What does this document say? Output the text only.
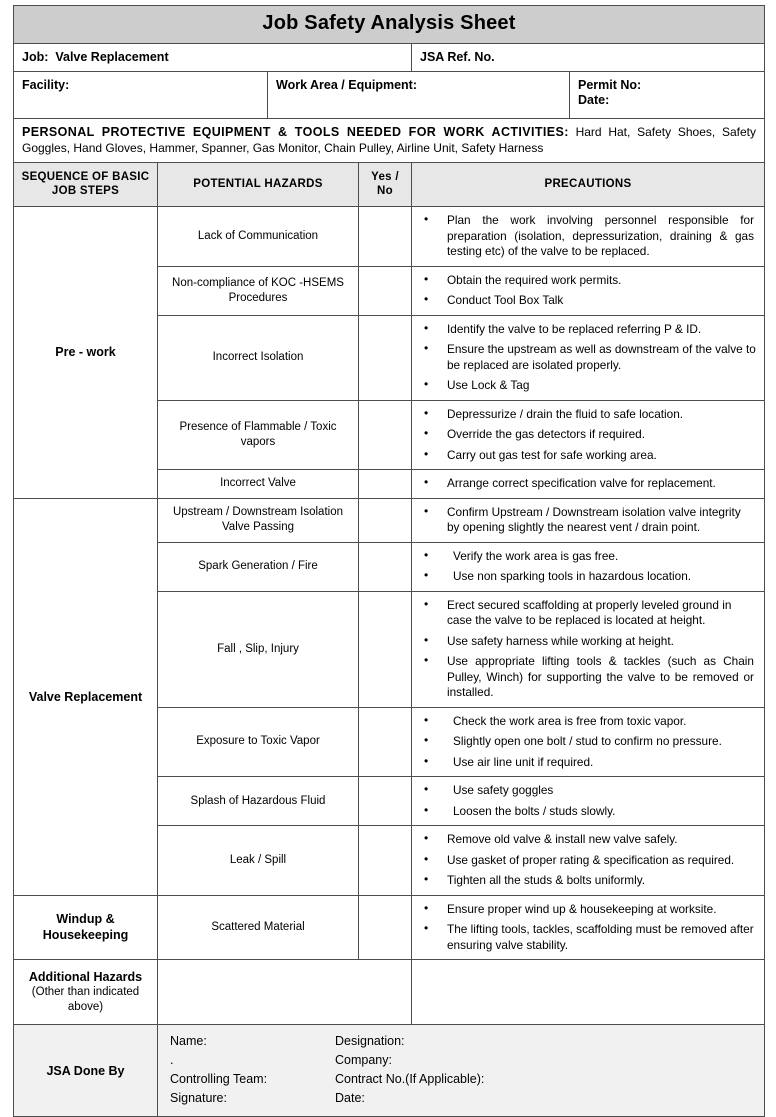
Job Safety Analysis Sheet					
Job: Valve Replacement				JSA Ref. No.	
Facility:		Work Area / Equipment:			Permit No:
Date:

PERSONAL PROTECTIVE EQUIPMENT & TOOLS NEEDED FOR WORK ACTIVITIES: Hard Hat, Safety Shoes, Safety Goggles, Hand Gloves, Hammer, Spanner, Gas Monitor, Chain Pulley, Airline Unit, Safety Harness					
SEQUENCE OF BASIC JOB STEPS	POTENTIAL HAZARDS		Yes / No	PRECAUTIONS	
Pre - work	Lack of Communication		
• Plan the work involving personnel responsible for preparation (isolation, depressurization, draining & gas testing etc) of the valve to be replaced.

Non-compliance of KOC -HSEMS Procedures		
• Obtain the required work permits.
• Conduct Tool Box Talk

Incorrect Isolation		
• Identify the valve to be replaced referring P & ID.
• Ensure the upstream as well as downstream of the valve to be replaced are isolated properly.
• Use Lock & Tag

Presence of Flammable / Toxic vapors		
• Depressurize / drain the fluid to safe location.
• Override the gas detectors if required.
• Carry out gas test for safe working area.

Incorrect Valve		
•Arrange correct specification valve for replacement.

Valve Replacement	Upstream / Downstream Isolation Valve Passing		
• Confirm Upstream / Downstream isolation valve integrity by opening slightly the nearest vent / drain point.

Spark Generation / Fire		
• Verify the work area is gas free.
• Use non sparking tools in hazardous location.

Fall , Slip, Injury		
• Erect secured scaffolding at properly leveled ground in case the valve to be replaced is located at height.
• Use safety harness while working at height.
• Use appropriate lifting tools & tackles (such as Chain Pulley, Winch) for supporting the valve to be removed or installed.

Exposure to Toxic Vapor		
• Check the work area is free from toxic vapor.
• Slightly open one bolt / stud to confirm no pressure.
• Use air line unit if required.

Splash of Hazardous Fluid		
• Use safety goggles
• Loosen the bolts / studs slowly.

Leak / Spill		
• Remove old valve & install new valve safely.
• Use gasket of proper rating & specification as required.
• Tighten all the studs & bolts uniformly.

Windup & Housekeeping	Scattered Material		
• Ensure proper wind up & housekeeping at worksite.
• The lifting tools, tackles, scaffolding must be removed after ensuring valve stability.

Additional Hazards
(Other than indicated above)					

JSA Done By	
Name:
.
Controlling Team:
Signature:
Designation:
Company:
Contract No.(If Applicable):
Date:
